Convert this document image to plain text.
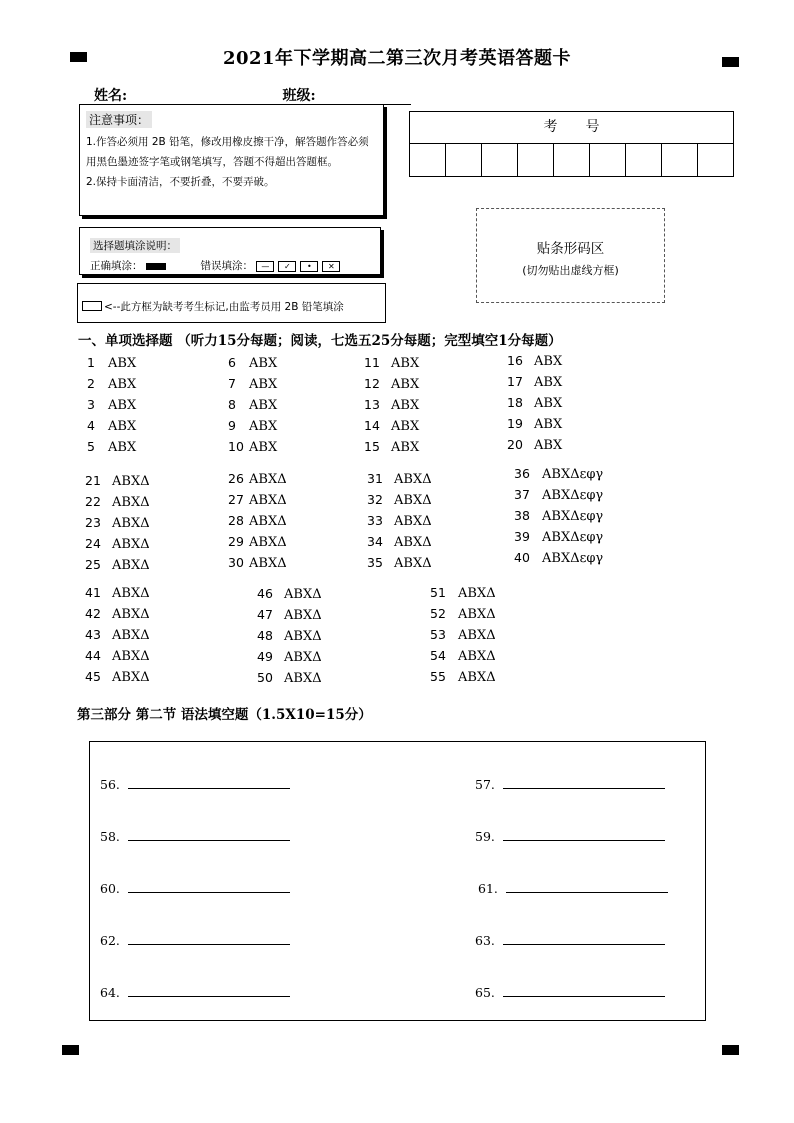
2021年下学期高二第三次月考英语答题卡
姓名:	班级:
注意事项：
1.作答必须用 2B 铅笔，修改用橡皮擦干净，解答题作答必须用黑色墨迹签字笔或钢笔填写，答题不得超出答题框。
2.保持卡面清洁，不要折叠，不要弄破。
选择题填涂说明：
正确填涂：	错误填涂： — ✓ • ✕
<--此方框为缺考考生标记,由监考员用 2B 铅笔填涂
考　　号
贴条形码区
(切勿贴出虚线方框)
一、单项选择题 （听力15分每题；阅读，七选五25分每题；完型填空1分每题）
1 ABX
2 ABX
3 ABX
4 ABX
5 ABX
6 ABX
7 ABX
8 ABX
9 ABX
10 ABX
11 ABX
12 ABX
13 ABX
14 ABX
15 ABX
16 ABX
17 ABX
18 ABX
19 ABX
20 ABX
21 ABXΔ
22 ABXΔ
23 ABXΔ
24 ABXΔ
25 ABXΔ
26 ABXΔ
27 ABXΔ
28 ABXΔ
29 ABXΔ
30 ABXΔ
31 ABXΔ
32 ABXΔ
33 ABXΔ
34 ABXΔ
35 ABXΔ
36 ABXΔεφγ
37 ABXΔεφγ
38 ABXΔεφγ
39 ABXΔεφγ
40 ABXΔεφγ
41 ABXΔ
42 ABXΔ
43 ABXΔ
44 ABXΔ
45 ABXΔ
46 ABXΔ
47 ABXΔ
48 ABXΔ
49 ABXΔ
50 ABXΔ
51 ABXΔ
52 ABXΔ
53 ABXΔ
54 ABXΔ
55 ABXΔ
第三部分 第二节 语法填空题（1.5X10=15分）
56.	57.
58.	59.
60.	61.
62.	63.
64.	65.
